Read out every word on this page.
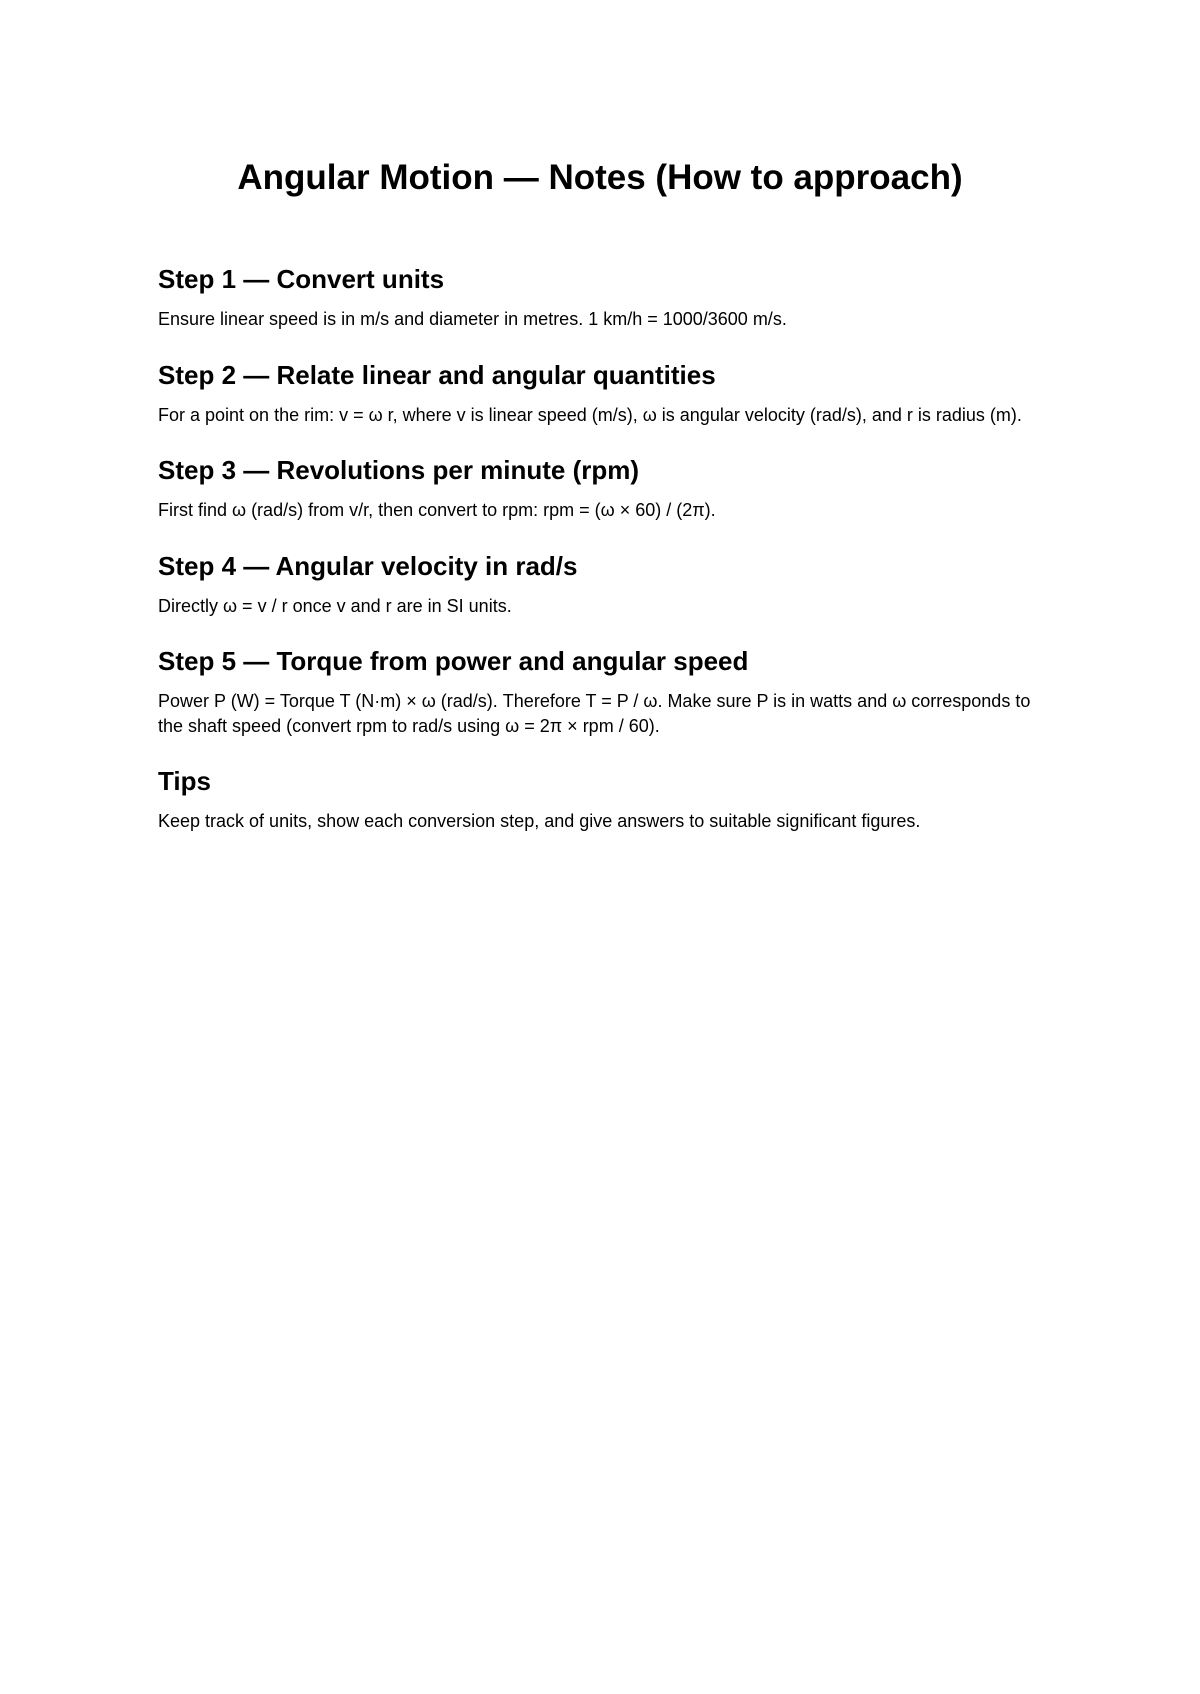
Angular Motion — Notes (How to approach)
Step 1 — Convert units

Ensure linear speed is in m/s and diameter in metres. 1 km/h = 1000/3600 m/s.

Step 2 — Relate linear and angular quantities

For a point on the rim: v = ω r, where v is linear speed (m/s), ω is angular velocity (rad/s), and r is radius (m).

Step 3 — Revolutions per minute (rpm)

First find ω (rad/s) from v/r, then convert to rpm: rpm = (ω × 60) / (2π).

Step 4 — Angular velocity in rad/s

Directly ω = v / r once v and r are in SI units.

Step 5 — Torque from power and angular speed

Power P (W) = Torque T (N·m) × ω (rad/s). Therefore T = P / ω. Make sure P is in watts and ω corresponds to the shaft speed (convert rpm to rad/s using ω = 2π × rpm / 60).

Tips

Keep track of units, show each conversion step, and give answers to suitable significant figures.
